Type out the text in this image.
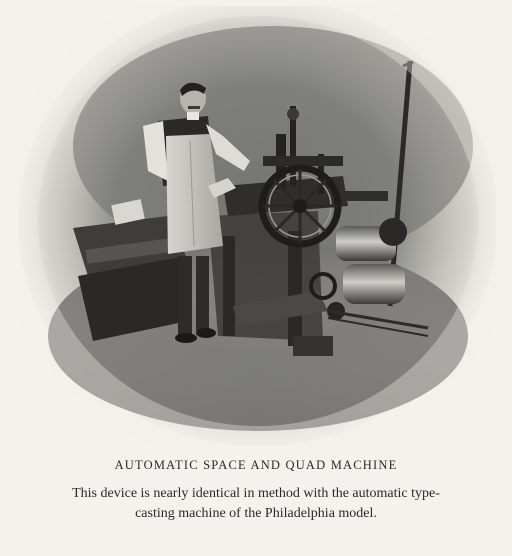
AUTOMATIC SPACE AND QUAD MACHINE
This device is nearly identical in method with the automatic type-
casting machine of the Philadelphia model.
